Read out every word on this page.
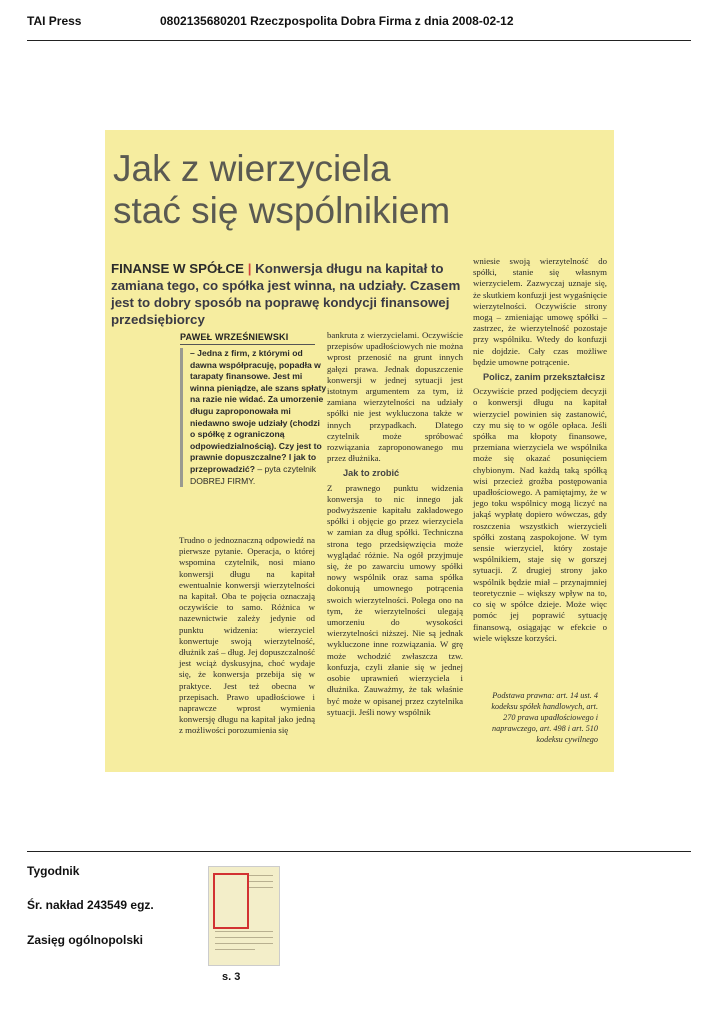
TAI Press	0802135680201 Rzeczpospolita Dobra Firma z dnia 2008-02-12
Jak z wierzyciela
stać się wspólnikiem
FINANSE W SPÓŁCE | Konwersja długu na kapitał to zamiana tego, co spółka jest winna, na udziały. Czasem jest to dobry sposób na poprawę kondycji finansowej przedsiębiorcy
PAWEŁ WRZEŚNIEWSKI
– Jedna z firm, z którymi od dawna współpracuję, popadła w tarapaty finansowe. Jest mi winna pieniądze, ale szans spłaty na razie nie widać. Za umorzenie długu zaproponowała mi niedawno swoje udziały (chodzi o spółkę z ograniczoną odpowiedzialnością). Czy jest to prawnie dopuszczalne? I jak to przeprowadzić? – pyta czytelnik DOBREJ FIRMY.
Trudno o jednoznaczną odpowiedź na pierwsze pytanie. Operacja, o której wspomina czytelnik, nosi miano konwersji długu na kapitał ewentualnie konwersji wierzytelności na kapitał. Oba te pojęcia oznaczają oczywiście to samo. Różnica w nazewnictwie zależy jedynie od punktu widzenia: wierzyciel konwertuje swoją wierzytelność, dłużnik zaś – dług. Jej dopuszczalność jest wciąż dyskusyjna, choć wydaje się, że konwersja przebija się w praktyce. Jest też obecna w przepisach. Prawo upadłościowe i naprawcze wprost wymienia konwersję długu na kapitał jako jedną z możliwości porozumienia się
bankruta z wierzycielami. Oczywiście przepisów upadłościowych nie można wprost przenosić na grunt innych gałęzi prawa. Jednak dopuszczenie konwersji w jednej sytuacji jest istotnym argumentem za tym, iż zamiana wierzytelności na udziały spółki nie jest wykluczona także w innych przypadkach. Dlatego czytelnik może spróbować rozwiązania zaproponowanego mu przez dłużnika.
Jak to zrobić
Z prawnego punktu widzenia konwersja to nic innego jak podwyższenie kapitału zakładowego spółki i objęcie go przez wierzyciela w zamian za dług spółki. Techniczna strona tego przedsięwzięcia może wyglądać różnie. Na ogół przyjmuje się, że po zawarciu umowy spółki nowy wspólnik oraz sama spółka dokonują umownego potrącenia swoich wierzytelności. Polega ono na tym, że wierzytelności ulegają umorzeniu do wysokości wierzytelności niższej. Nie są jednak wykluczone inne rozwiązania. W grę może wchodzić zwłaszcza tzw. konfuzja, czyli złanie się w jednej osobie uprawnień wierzyciela i dłużnika. Zauważmy, że tak właśnie być może w opisanej przez czytelnika sytuacji. Jeśli nowy wspólnik
wniesie swoją wierzytelność do spółki, stanie się własnym wierzycielem. Zazwyczaj uznaje się, że skutkiem konfuzji jest wygaśnięcie wierzytelności. Oczywiście strony mogą – zmieniając umowę spółki – zastrzec, że wierzytelność pozostaje przy wspólniku. Wtedy do konfuzji nie dojdzie. Cały czas możliwe będzie umowne potrącenie.
Policz, zanim przekształcisz
Oczywiście przed podjęciem decyzji o konwersji długu na kapitał wierzyciel powinien się zastanowić, czy mu się to w ogóle opłaca. Jeśli spółka ma kłopoty finansowe, przemiana wierzyciela we wspólnika może się okazać posunięciem chybionym. Nad każdą taką spółką wisi przecież groźba postępowania upadłościowego. A pamiętajmy, że w jego toku wspólnicy mogą liczyć na jakąś wypłatę dopiero wówczas, gdy roszczenia wszystkich wierzycieli spółki zostaną zaspokojone. W tym sensie wierzyciel, który zostaje wspólnikiem, staje się w gorszej sytuacji. Z drugiej strony jako wspólnik będzie miał – przynajmniej teoretycznie – większy wpływ na to, co się w spółce dzieje. Może więc pomóc jej poprawić sytuację finansową, osiągając w efekcie o wiele większe korzyści.
Podstawa prawna: art. 14 ust. 4 kodeksu spółek handlowych, art. 270 prawa upadłościowego i naprawczego, art. 498 i art. 510 kodeksu cywilnego
Tygodnik
Śr. nakład 243549 egz.
Zasięg ogólnopolski
s. 3
